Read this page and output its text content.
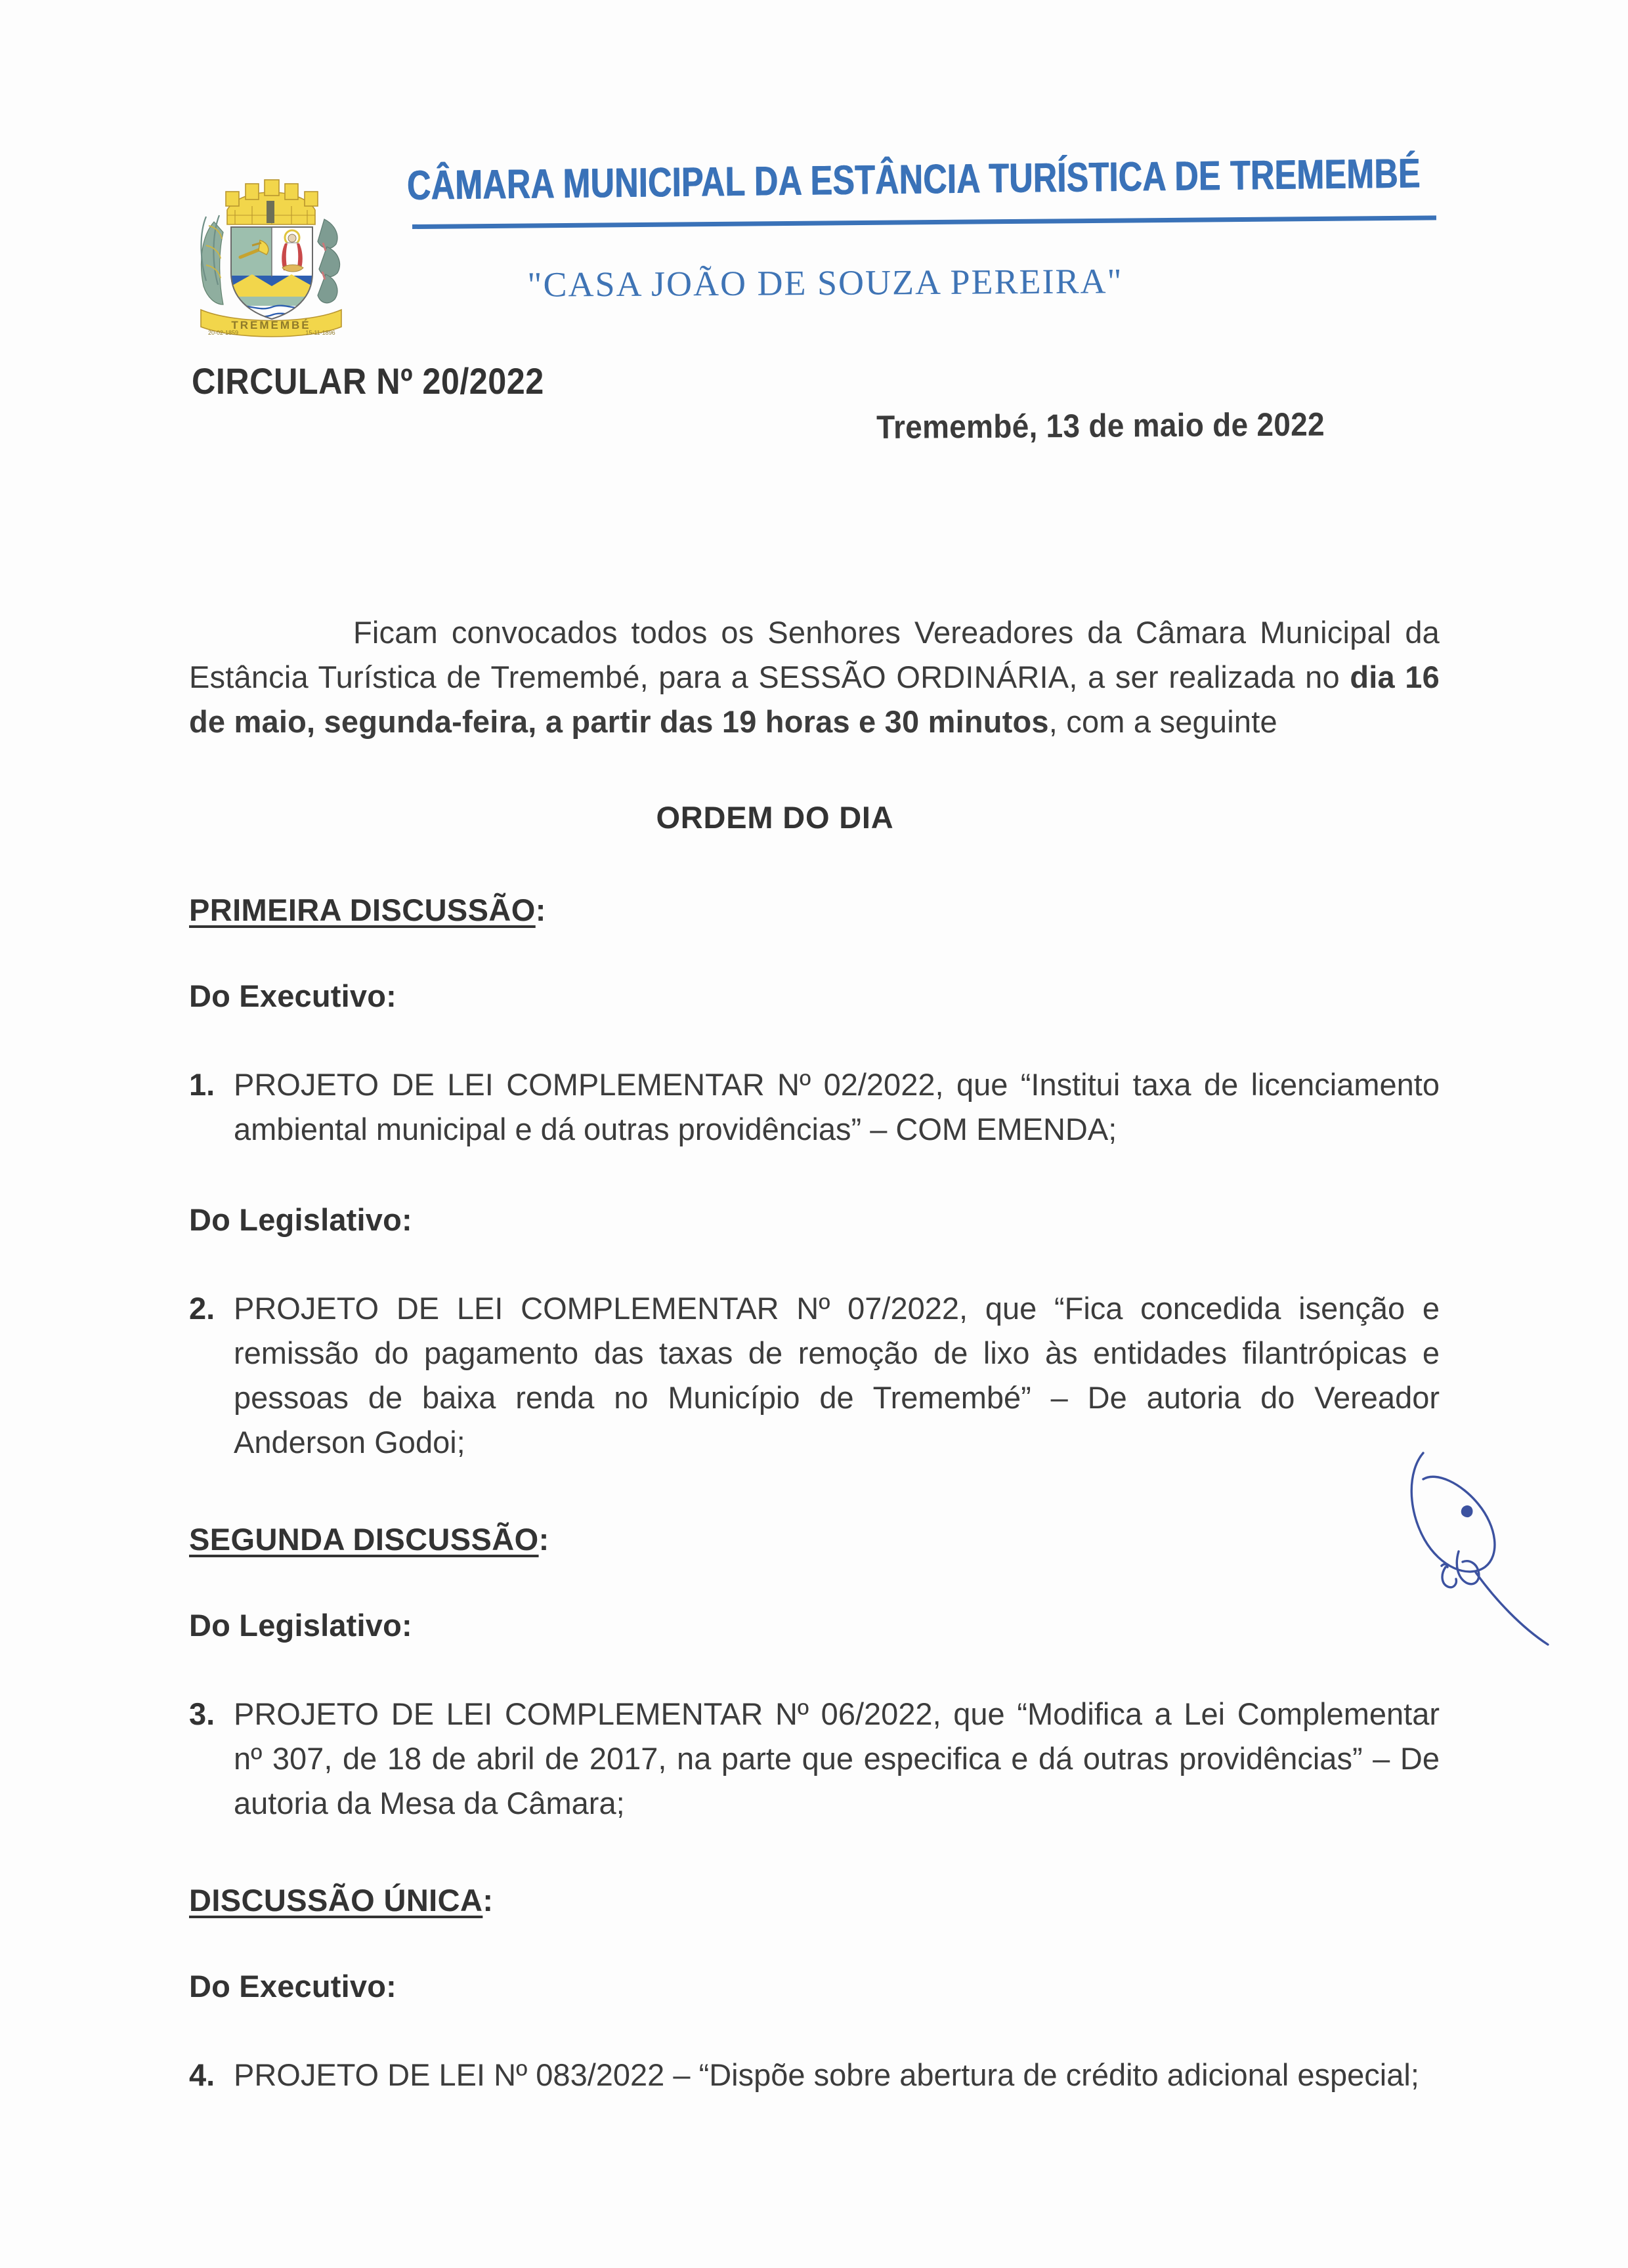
TREMEMBÉ
20-02-1859	15-11-1896
CÂMARA MUNICIPAL DA ESTÂNCIA TURÍSTICA DE TREMEMBÉ
"CASA JOÃO DE SOUZA PEREIRA"
CIRCULAR Nº 20/2022
Tremembé, 13 de maio de 2022

Ficam convocados todos os Senhores Vereadores da Câmara Municipal da Estância Turística de Tremembé, para a SESSÃO ORDINÁRIA, a ser realizada no dia 16 de maio, segunda-feira, a partir das 19 horas e 30 minutos, com a seguinte

ORDEM DO DIA
PRIMEIRA DISCUSSÃO:
Do Executivo:
1. PROJETO DE LEI COMPLEMENTAR Nº 02/2022, que “Institui taxa de licenciamento ambiental municipal e dá outras providências” – COM EMENDA;
Do Legislativo:
2. PROJETO DE LEI COMPLEMENTAR Nº 07/2022, que “Fica concedida isenção e remissão do pagamento das taxas de remoção de lixo às entidades filantrópicas e pessoas de baixa renda no Município de Tremembé” – De autoria do Vereador Anderson Godoi;
SEGUNDA DISCUSSÃO:
Do Legislativo:
3. PROJETO DE LEI COMPLEMENTAR Nº 06/2022, que “Modifica a Lei Complementar nº 307, de 18 de abril de 2017, na parte que especifica e dá outras providências” – De autoria da Mesa da Câmara;
DISCUSSÃO ÚNICA:
Do Executivo:
4. PROJETO DE LEI Nº 083/2022 – “Dispõe sobre abertura de crédito adicional especial;
